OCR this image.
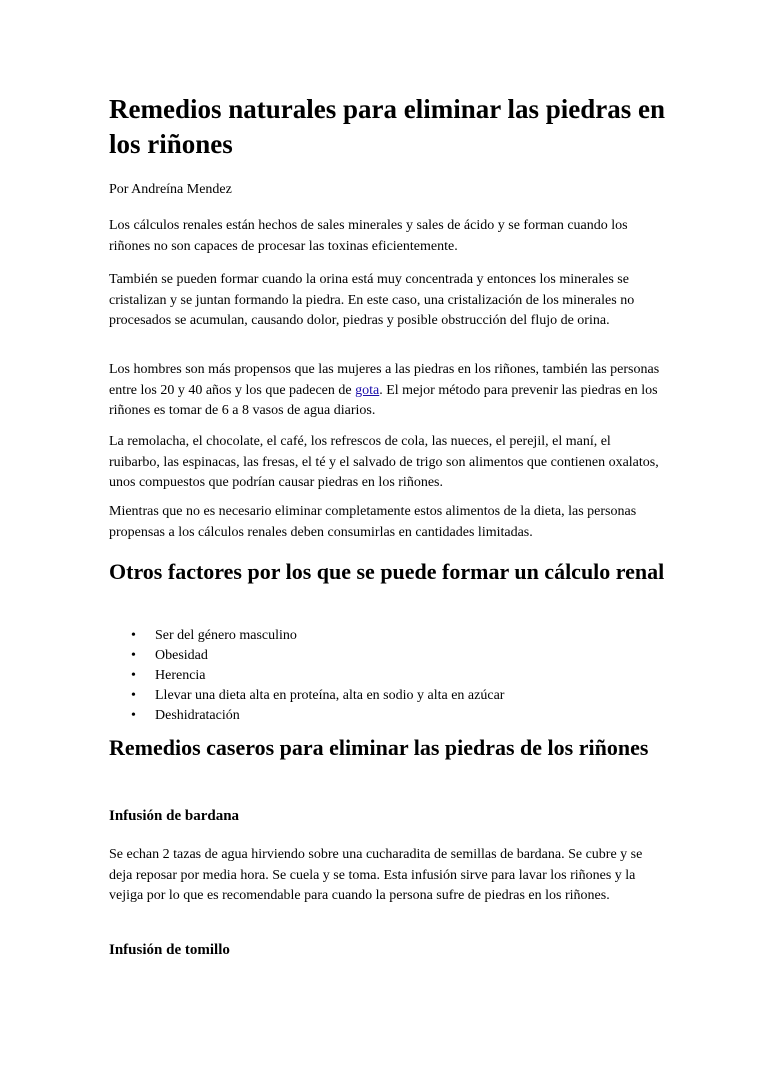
Remedios naturales para eliminar las piedras en los riñones

Por Andreína Mendez

Los cálculos renales están hechos de sales minerales y sales de ácido y se forman cuando los riñones no son capaces de procesar las toxinas eficientemente.

También se pueden formar cuando la orina está muy concentrada y entonces los minerales se cristalizan y se juntan formando la piedra. En este caso, una cristalización de los minerales no procesados se acumulan, causando dolor, piedras y posible obstrucción del flujo de orina.

Los hombres son más propensos que las mujeres a las piedras en los riñones, también las personas entre los 20 y 40 años y los que padecen de gota. El mejor método para prevenir las piedras en los riñones es tomar de 6 a 8 vasos de agua diarios.

La remolacha, el chocolate, el café, los refrescos de cola, las nueces, el perejil, el maní, el ruibarbo, las espinacas, las fresas, el té y el salvado de trigo son alimentos que contienen oxalatos, unos compuestos que podrían causar piedras en los riñones.

Mientras que no es necesario eliminar completamente estos alimentos de la dieta, las personas propensas a los cálculos renales deben consumirlas en cantidades limitadas.

Otros factores por los que se puede formar un cálculo renal
• Ser del género masculino
• Obesidad
• Herencia
• Llevar una dieta alta en proteína, alta en sodio y alta en azúcar
• Deshidratación
Remedios caseros para eliminar las piedras de los riñones
Infusión de bardana

Se echan 2 tazas de agua hirviendo sobre una cucharadita de semillas de bardana. Se cubre y se deja reposar por media hora. Se cuela y se toma. Esta infusión sirve para lavar los riñones y la vejiga por lo que es recomendable para cuando la persona sufre de piedras en los riñones.

Infusión de tomillo
